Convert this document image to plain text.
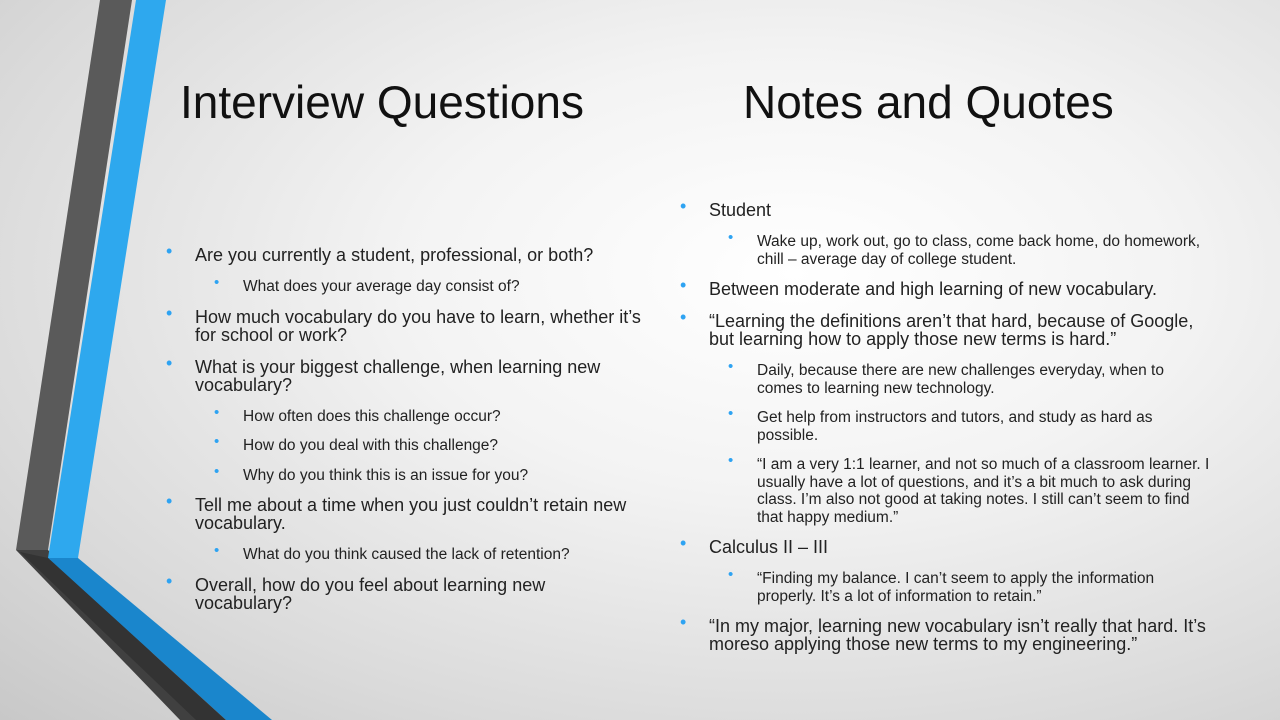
Interview Questions	Notes and Quotes
• Are you currently a student, professional, or both?
• What does your average day consist of?
• How much vocabulary do you have to learn, whether it’s for school or work?
• What is your biggest challenge, when learning new vocabulary?
• How often does this challenge occur?
• How do you deal with this challenge?
• Why do you think this is an issue for you?
• Tell me about a time when you just couldn’t retain new vocabulary.
• What do you think caused the lack of retention?
• Overall, how do you feel about learning new vocabulary?
• Student
• Wake up, work out, go to class, come back home, do homework, chill – average day of college student.
• Between moderate and high learning of new vocabulary.
• “Learning the definitions aren’t that hard, because of Google, but learning how to apply those new terms is hard.”
• Daily, because there are new challenges everyday, when to comes to learning new technology.
• Get help from instructors and tutors, and study as hard as possible.
• “I am a very 1:1 learner, and not so much of a classroom learner. I usually have a lot of questions, and it’s a bit much to ask during class. I’m also not good at taking notes. I still can’t seem to find that happy medium.”
• Calculus II – III
• “Finding my balance. I can’t seem to apply the information properly. It’s a lot of information to retain.”
• “In my major, learning new vocabulary isn’t really that hard. It’s moreso applying those new terms to my engineering.”
